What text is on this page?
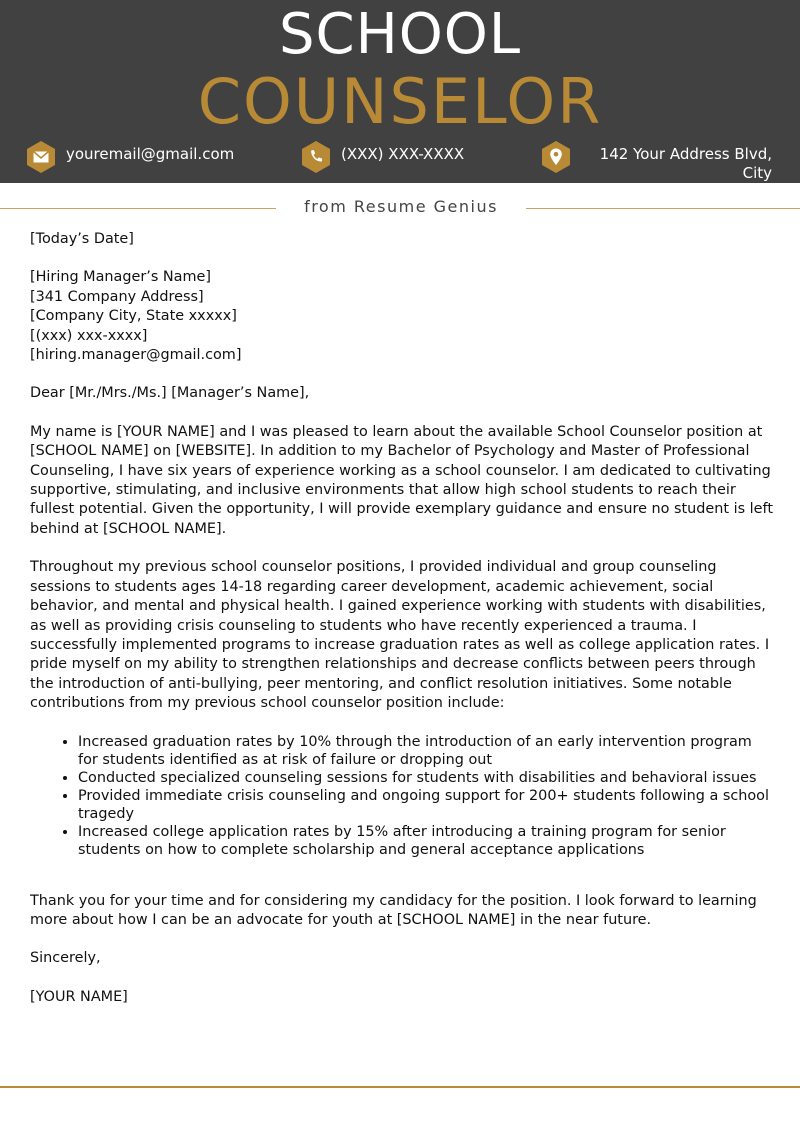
SCHOOL
COUNSELOR
youremail@gmail.com	(XXX) XXX-XXXX	142 Your Address Blvd, City
Name, CA XXXXX
from Resume Genius

[Today’s Date]

[Hiring Manager’s Name]

[341 Company Address]

[Company City, State xxxxx]

[(xxx) xxx-xxxx]

[hiring.manager@gmail.com]

Dear [Mr./Mrs./Ms.] [Manager’s Name],

My name is [YOUR NAME] and I was pleased to learn about the available School Counselor position at [SCHOOL NAME] on [WEBSITE]. In addition to my Bachelor of Psychology and Master of Professional Counseling, I have six years of experience working as a school counselor. I am dedicated to cultivating supportive, stimulating, and inclusive environments that allow high school students to reach their fullest potential. Given the opportunity, I will provide exemplary guidance and ensure no student is left behind at [SCHOOL NAME].

Throughout my previous school counselor positions, I provided individual and group counseling sessions to students ages 14-18 regarding career development, academic achievement, social behavior, and mental and physical health. I gained experience working with students with disabilities, as well as providing crisis counseling to students who have recently experienced a trauma. I successfully implemented programs to increase graduation rates as well as college application rates. I pride myself on my ability to strengthen relationships and decrease conflicts between peers through the introduction of anti-bullying, peer mentoring, and conflict resolution initiatives. Some notable contributions from my previous school counselor position include:

• Increased graduation rates by 10% through the introduction of an early intervention program for students identified as at risk of failure or dropping out
• Conducted specialized counseling sessions for students with disabilities and behavioral issues
• Provided immediate crisis counseling and ongoing support for 200+ students following a school tragedy
• Increased college application rates by 15% after introducing a training program for senior students on how to complete scholarship and general acceptance applications

Thank you for your time and for considering my candidacy for the position. I look forward to learning more about how I can be an advocate for youth at [SCHOOL NAME] in the near future.

Sincerely,

[YOUR NAME]
